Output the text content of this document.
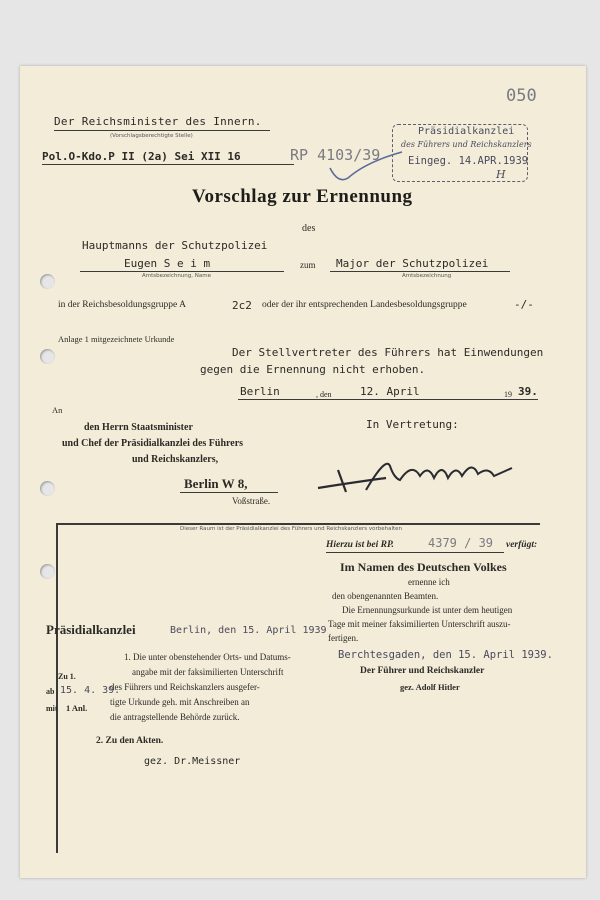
050
Der Reichsminister des Innern.
(Vorschlagsberechtigte Stelle)
Pol.O-Kdo.P II (2a) Sei XII 16	RP 4103/39
Präsidialkanzlei
des Führers und Reichskanzlers
Eingeg. 14.APR.1939
H
Vorschlag zur Ernennung
des
Hauptmanns der Schutzpolizei
Eugen S e i m
Amtsbezeichnung, Name
zum Major der Schutzpolizei
Amtsbezeichnung
in der Reichsbesoldungsgruppe A	2c2 oder der ihr entsprechenden Landesbesoldungsgruppe	-/-
Anlage 1 mitgezeichnete Urkunde
Der Stellvertreter des Führers hat Einwendungen
gegen die Ernennung nicht erhoben.
Berlin	, den	12. April	19 39.
An
den Herrn Staatsminister
und Chef der Präsidialkanzlei des Führers
und Reichskanzlers,
Berlin W 8,
Voßstraße.
In Vertretung:
Dieser Raum ist der Präsidialkanzlei des Führers und Reichskanzlers vorbehalten
Hierzu ist bei RP.	4379 / 39 verfügt:
Im Namen des Deutschen Volkes
ernenne ich
den obengenannten Beamten.
Die Ernennungsurkunde ist unter dem heutigen
Tage mit meiner faksimilierten Unterschrift auszu-
fertigen.
Berchtesgaden, den 15. April 1939.
Der Führer und Reichskanzler
gez. Adolf Hitler
Präsidialkanzlei	Berlin, den 15. April 1939
1. Die unter obenstehender Orts- und Datums-
angabe mit der faksimilierten Unterschrift
des Führers und Reichskanzlers ausgefer-
tigte Urkunde geh. mit Anschreiben an
die antragstellende Behörde zurück.
Zu 1.
ab 15. 4. 39.
mit 1 Anl.
2. Zu den Akten.
gez. Dr.Meissner
